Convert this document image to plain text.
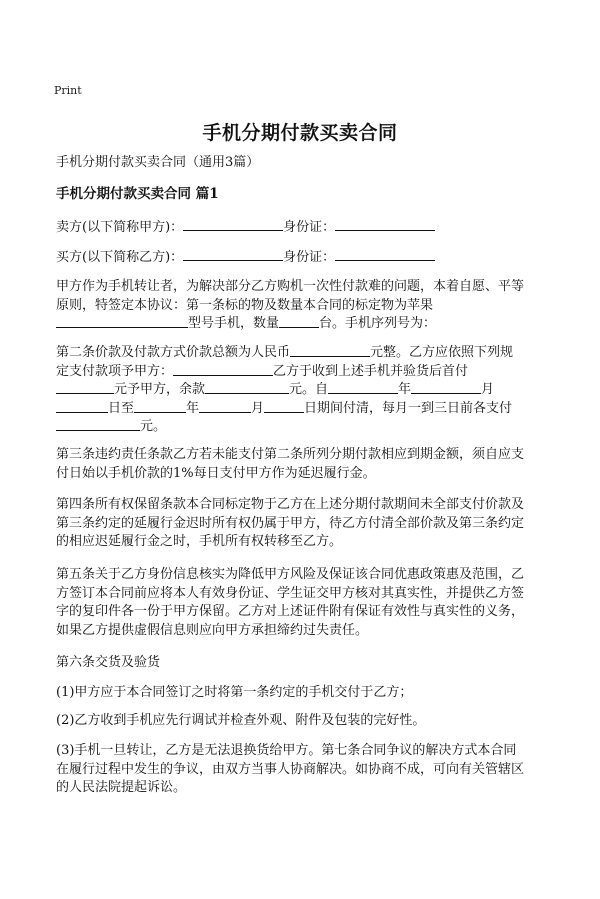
Print
手机分期付款买卖合同
手机分期付款买卖合同（通用3篇）
手机分期付款买卖合同 篇1
卖方(以下简称甲方)：	身份证：
买方(以下简称乙方)：	身份证：
甲方作为手机转让者，为解决部分乙方购机一次性付款难的问题，本着自愿、平等
原则，特签定本协议：第一条标的物及数量本合同的标定物为苹果
型号手机，数量	台。手机序列号为：
第二条价款及付款方式价款总额为人民币	元整。乙方应依照下列规
定支付款项予甲方：	乙方于收到上述手机并验货后首付
元予甲方，余款	元。自	年	月
日至	年	月	日期间付清，每月一到三日前各支付
元。
第三条违约责任条款乙方若未能支付第二条所列分期付款相应到期金额，须自应支
付日始以手机价款的1%每日支付甲方作为延迟履行金。
第四条所有权保留条款本合同标定物于乙方在上述分期付款期间未全部支付价款及
第三条约定的延履行金迟时所有权仍属于甲方，待乙方付清全部价款及第三条约定
的相应迟延履行金之时，手机所有权转移至乙方。
第五条关于乙方身份信息核实为降低甲方风险及保证该合同优惠政策惠及范围，乙
方签订本合同前应将本人有效身份证、学生证交甲方核对其真实性，并提供乙方签
字的复印件各一份于甲方保留。乙方对上述证件附有保证有效性与真实性的义务，
如果乙方提供虚假信息则应向甲方承担缔约过失责任。
第六条交货及验货
(1)甲方应于本合同签订之时将第一条约定的手机交付于乙方；
(2)乙方收到手机应先行调试并检查外观、附件及包装的完好性。
(3)手机一旦转让，乙方是无法退换货给甲方。第七条合同争议的解决方式本合同
在履行过程中发生的争议，由双方当事人协商解决。如协商不成，可向有关管辖区
的人民法院提起诉讼。
